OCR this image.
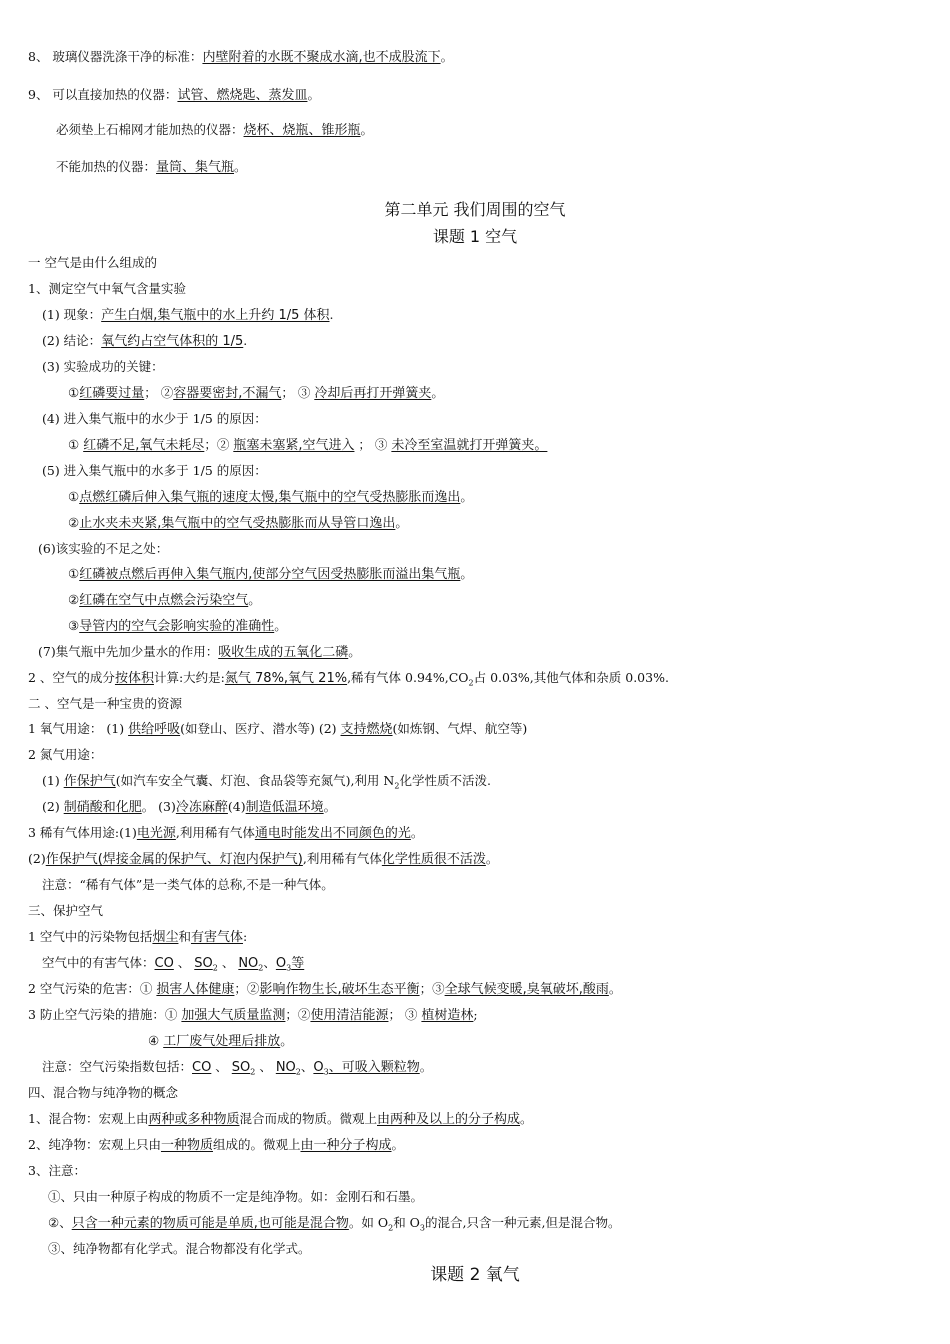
8、 玻璃仪器洗涤干净的标准：内壁附着的水既不聚成水滴,也不成股流下。
9、 可以直接加热的仪器：试管、燃烧匙、蒸发皿。
必须垫上石棉网才能加热的仪器：烧杯、烧瓶、锥形瓶。
不能加热的仪器：量筒、集气瓶。
第二单元 我们周围的空气
课题 1 空气
一 空气是由什么组成的
1、测定空气中氧气含量实验
(1) 现象：产生白烟,集气瓶中的水上升约 1/5 体积.
(2) 结论：氧气约占空气体积的 1/5.
(3) 实验成功的关键：
①红磷要过量； ②容器要密封,不漏气； ③ 冷却后再打开弹簧夹。
(4) 进入集气瓶中的水少于 1/5 的原因：
① 红磷不足,氧气未耗尽；② 瓶塞未塞紧,空气进入 ； ③ 未冷至室温就打开弹簧夹。
(5) 进入集气瓶中的水多于 1/5 的原因：
①点燃红磷后伸入集气瓶的速度太慢,集气瓶中的空气受热膨胀而逸出。
②止水夹未夹紧,集气瓶中的空气受热膨胀而从导管口逸出。
(6)该实验的不足之处：
①红磷被点燃后再伸入集气瓶内,使部分空气因受热膨胀而溢出集气瓶。
②红磷在空气中点燃会污染空气。
③导管内的空气会影响实验的准确性。
(7)集气瓶中先加少量水的作用：吸收生成的五氧化二磷。
2 、空气的成分按体积计算:大约是:氮气 78%,氧气 21%,稀有气体 $0.94\%,CO_2$占 0.03%,其他气体和杂质 0.03%.
二 、空气是一种宝贵的资源
1 氧气用途： (1) 供给呼吸(如登山、医疗、潜水等) (2) 支持燃烧(如炼钢、气焊、航空等)
2 氮气用途：
(1) 作保护气(如汽车安全气囊、灯泡、食品袋等充氮气),利用 $N_2$化学性质不活泼.
(2) 制硝酸和化肥。 (3)冷冻麻醉(4)制造低温环境。
3 稀有气体用途:(1)电光源,利用稀有气体通电时能发出不同颜色的光。
(2)作保护气(焊接金属的保护气、灯泡内保护气),利用稀有气体化学性质很不活泼。
注意：“稀有气体”是一类气体的总称,不是一种气体。
三、保护空气
1 空气中的污染物包括烟尘和有害气体:
空气中的有害气体：CO 、 $SO_2$ 、 $NO_2$、$O_3$等
2 空气污染的危害：① 损害人体健康；②影响作物生长,破坏生态平衡；③全球气候变暖,臭氧破坏,酸雨。
3 防止空气污染的措施：① 加强大气质量监测；②使用清洁能源； ③ 植树造林;
④ 工厂废气处理后排放。
注意：空气污染指数包括：CO 、 $SO_2$ 、 $NO_2$、$O_3$、可吸入颗粒物。
四、混合物与纯净物的概念
1、混合物：宏观上由两种或多种物质混合而成的物质。微观上由两种及以上的分子构成。
2、纯净物：宏观上只由一种物质组成的。微观上由一种分子构成。
3、注意：
①、只由一种原子构成的物质不一定是纯净物。如：金刚石和石墨。
②、只含一种元素的物质可能是单质,也可能是混合物。如 $O_2$和 $O_3$的混合,只含一种元素,但是混合物。
③、纯净物都有化学式。混合物都没有化学式。
课题 2 氧气
